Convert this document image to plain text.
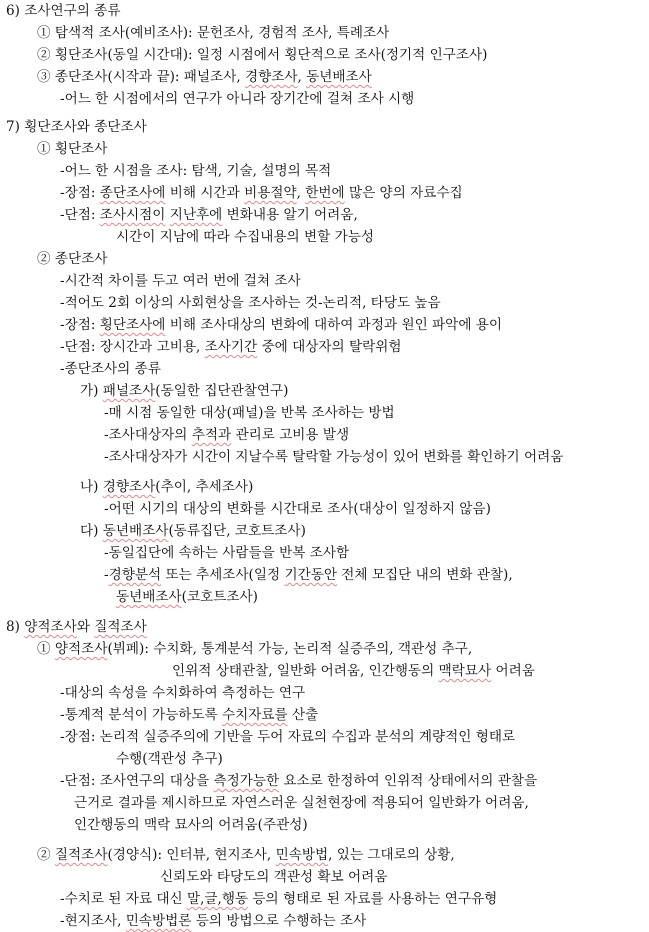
6) 조사연구의 종류
① 탐색적 조사(예비조사): 문헌조사, 경험적 조사, 특례조사
② 횡단조사(동일 시간대): 일정 시점에서 횡단적으로 조사(정기적 인구조사)
③ 종단조사(시작과 끝): 패널조사, 경향조사, 동년배조사
-어느 한 시점에서의 연구가 아니라 장기간에 걸쳐 조사 시행
7) 횡단조사와 종단조사
① 횡단조사
-어느 한 시점을 조사: 탐색, 기술, 설명의 목적
-장점: 종단조사에 비해 시간과 비용절약, 한번에 많은 양의 자료수집
-단점: 조사시점이 지난후에 변화내용 알기 어려움,
시간이 지남에 따라 수집내용의 변할 가능성
② 종단조사
-시간적 차이를 두고 여러 번에 걸쳐 조사
-적어도 2회 이상의 사회현상을 조사하는 것-논리적, 타당도 높음
-장점: 횡단조사에 비해 조사대상의 변화에 대하여 과정과 원인 파악에 용이
-단점: 장시간과 고비용, 조사기간 중에 대상자의 탈락위험
-종단조사의 종류
가) 패널조사(동일한 집단관찰연구)
-매 시점 동일한 대상(패널)을 반복 조사하는 방법
-조사대상자의 추적과 관리로 고비용 발생
-조사대상자가 시간이 지날수록 탈락할 가능성이 있어 변화를 확인하기 어려움
나) 경향조사(추이, 추세조사)
-어떤 시기의 대상의 변화를 시간대로 조사(대상이 일정하지 않음)
다) 동년배조사(동류집단, 코호트조사)
-동일집단에 속하는 사람들을 반복 조사함
-경향분석 또는 추세조사(일정 기간동안 전체 모집단 내의 변화 관찰),
동년배조사(코호트조사)
8) 양적조사와 질적조사
① 양적조사(뷔페): 수치화, 통계분석 가능, 논리적 실증주의, 객관성 추구,
인위적 상태관찰, 일반화 어려움, 인간행동의 맥락묘사 어려움
-대상의 속성을 수치화하여 측정하는 연구
-통계적 분석이 가능하도록 수치자료를 산출
-장점: 논리적 실증주의에 기반을 두어 자료의 수집과 분석의 계량적인 형태로
수행(객관성 추구)
-단점: 조사연구의 대상을 측정가능한 요소로 한정하여 인위적 상태에서의 관찰을
근거로 결과를 제시하므로 자연스러운 실천현장에 적용되어 일반화가 어려움,
인간행동의 맥락 묘사의 어려움(주관성)
② 질적조사(경양식): 인터뷰, 현지조사, 민속방법, 있는 그대로의 상황,
신뢰도와 타당도의 객관성 확보 어려움
-수치로 된 자료 대신 말,글,행동 등의 형태로 된 자료를 사용하는 연구유형
-현지조사, 민속방법론 등의 방법으로 수행하는 조사
